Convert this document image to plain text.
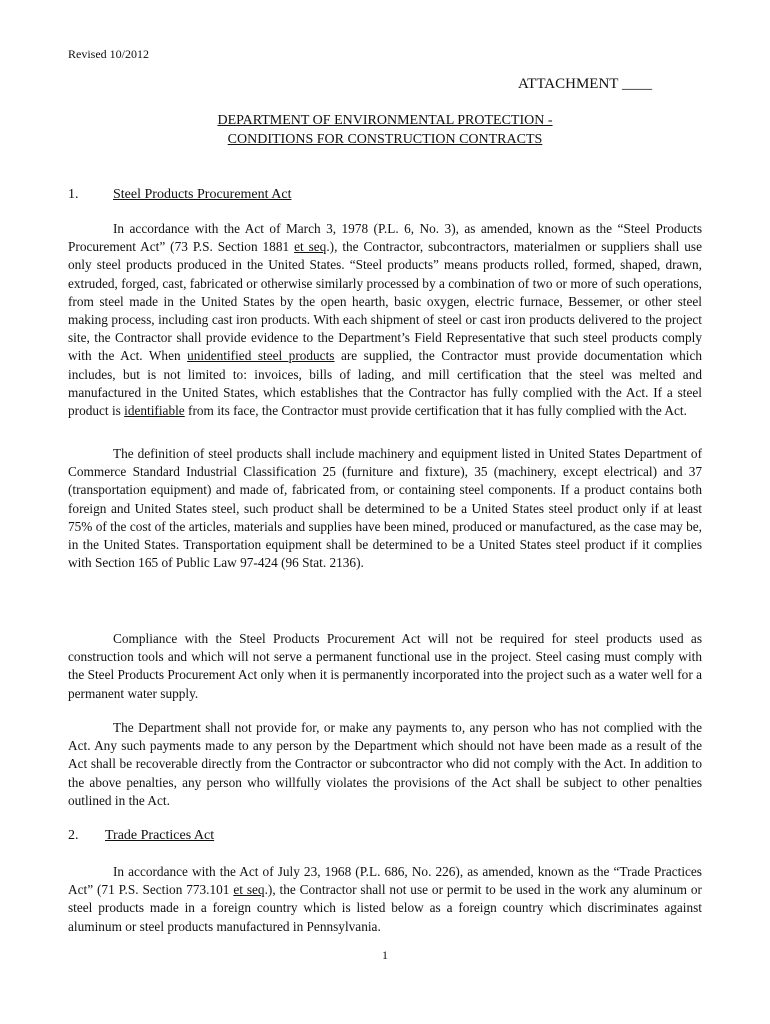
Revised 10/2012
ATTACHMENT ____
DEPARTMENT OF ENVIRONMENTAL PROTECTION -
CONDITIONS FOR CONSTRUCTION CONTRACTS
1. Steel Products Procurement Act
In accordance with the Act of March 3, 1978 (P.L. 6, No. 3), as amended, known as the “Steel Products Procurement Act” (73 P.S. Section 1881 et seq.), the Contractor, subcontractors, materialmen or suppliers shall use only steel products produced in the United States. “Steel products” means products rolled, formed, shaped, drawn, extruded, forged, cast, fabricated or otherwise similarly processed by a combination of two or more of such operations, from steel made in the United States by the open hearth, basic oxygen, electric furnace, Bessemer, or other steel making process, including cast iron products. With each shipment of steel or cast iron products delivered to the project site, the Contractor shall provide evidence to the Department’s Field Representative that such steel products comply with the Act. When unidentified steel products are supplied, the Contractor must provide documentation which includes, but is not limited to: invoices, bills of lading, and mill certification that the steel was melted and manufactured in the United States, which establishes that the Contractor has fully complied with the Act. If a steel product is identifiable from its face, the Contractor must provide certification that it has fully complied with the Act.
The definition of steel products shall include machinery and equipment listed in United States Department of Commerce Standard Industrial Classification 25 (furniture and fixture), 35 (machinery, except electrical) and 37 (transportation equipment) and made of, fabricated from, or containing steel components. If a product contains both foreign and United States steel, such product shall be determined to be a United States steel product only if at least 75% of the cost of the articles, materials and supplies have been mined, produced or manufactured, as the case may be, in the United States. Transportation equipment shall be determined to be a United States steel product if it complies with Section 165 of Public Law 97-424 (96 Stat. 2136).
Compliance with the Steel Products Procurement Act will not be required for steel products used as construction tools and which will not serve a permanent functional use in the project. Steel casing must comply with the Steel Products Procurement Act only when it is permanently incorporated into the project such as a water well for a permanent water supply.
The Department shall not provide for, or make any payments to, any person who has not complied with the Act. Any such payments made to any person by the Department which should not have been made as a result of the Act shall be recoverable directly from the Contractor or subcontractor who did not comply with the Act. In addition to the above penalties, any person who willfully violates the provisions of the Act shall be subject to other penalties outlined in the Act.
2. Trade Practices Act
In accordance with the Act of July 23, 1968 (P.L. 686, No. 226), as amended, known as the “Trade Practices Act” (71 P.S. Section 773.101 et seq.), the Contractor shall not use or permit to be used in the work any aluminum or steel products made in a foreign country which is listed below as a foreign country which discriminates against aluminum or steel products manufactured in Pennsylvania.
1
